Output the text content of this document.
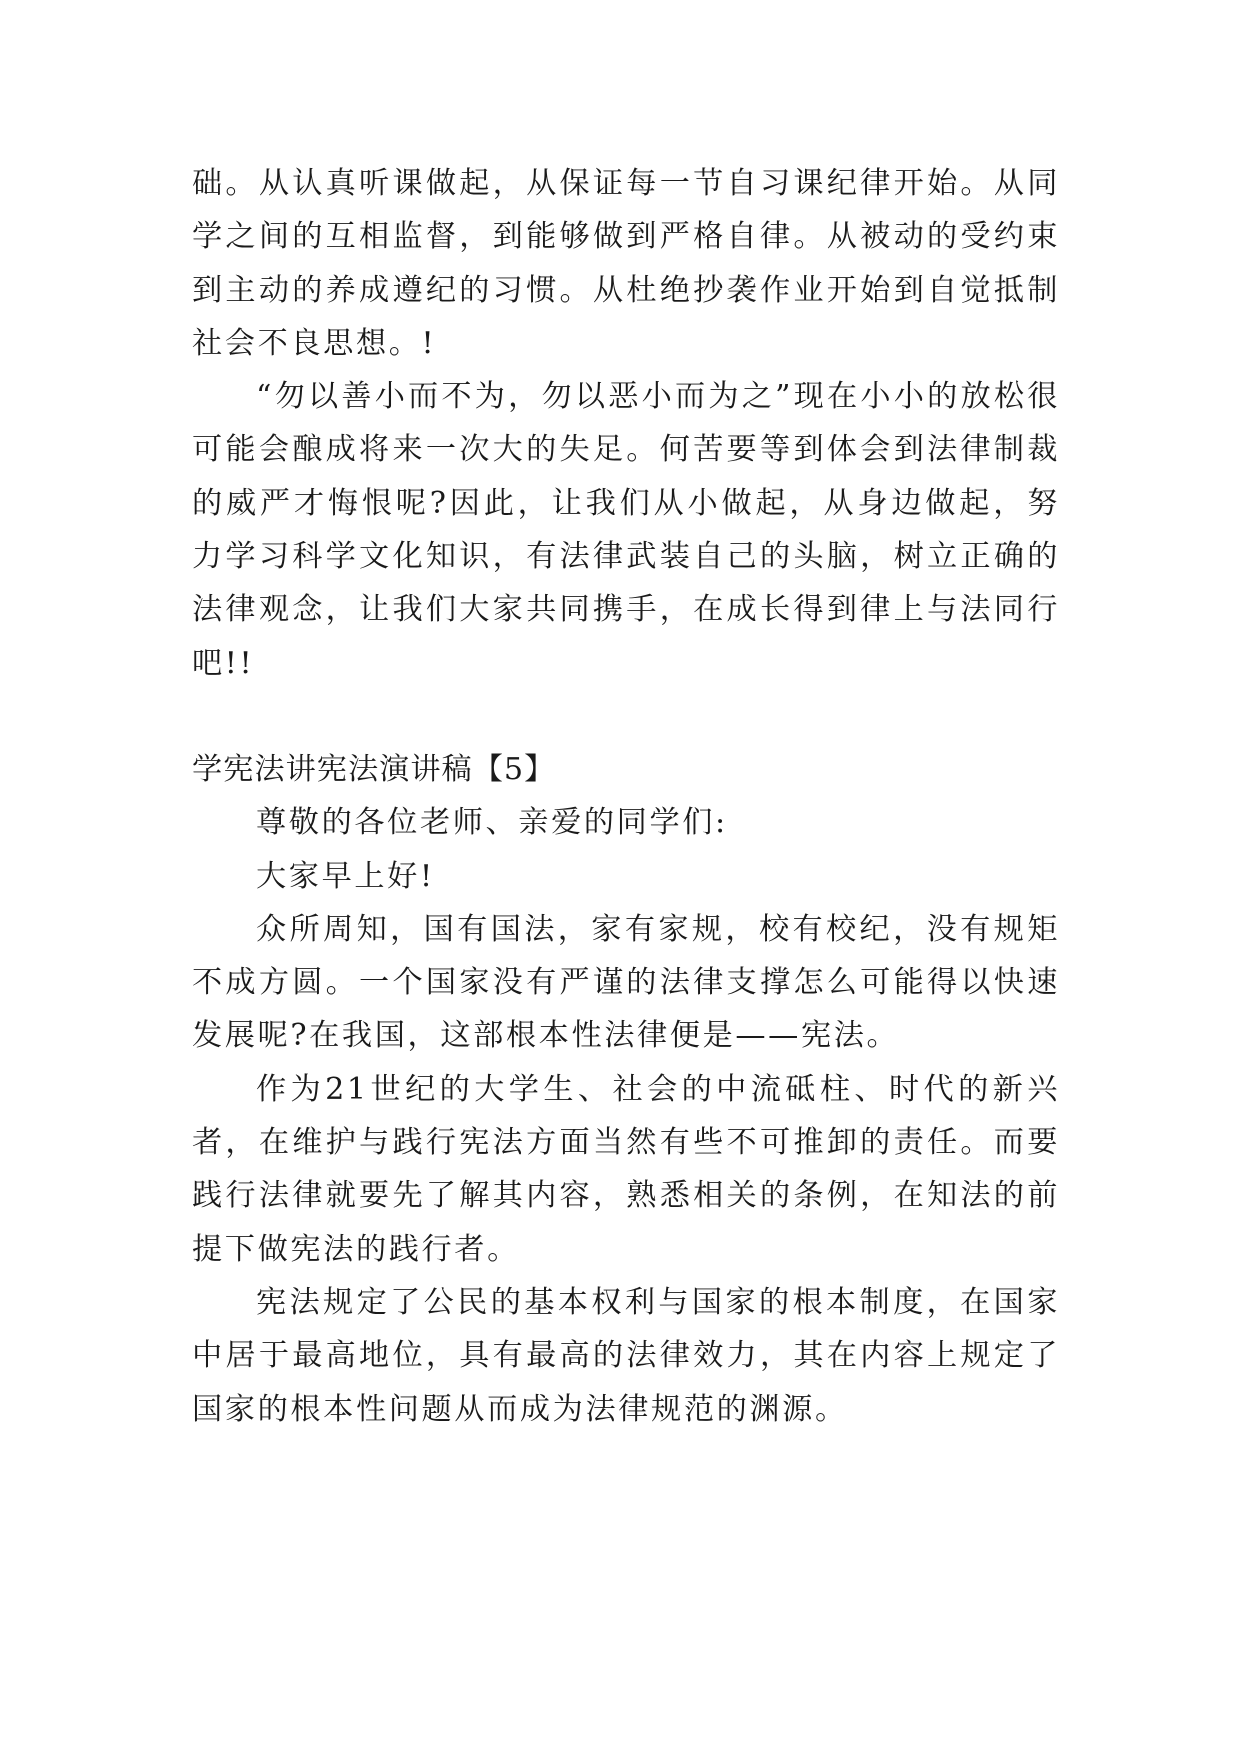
础。从认真听课做起，从保证每一节自习课纪律开始。从同学之间的互相监督，到能够做到严格自律。从被动的受约束到主动的养成遵纪的习惯。从杜绝抄袭作业开始到自觉抵制社会不良思想。!

“勿以善小而不为，勿以恶小而为之”现在小小的放松很可能会酿成将来一次大的失足。何苦要等到体会到法律制裁的威严才悔恨呢?因此，让我们从小做起，从身边做起，努力学习科学文化知识，有法律武装自己的头脑，树立正确的法律观念，让我们大家共同携手，在成长得到律上与法同行吧!!

学宪法讲宪法演讲稿【5】

尊敬的各位老师、亲爱的同学们:

大家早上好!

众所周知，国有国法，家有家规，校有校纪，没有规矩不成方圆。一个国家没有严谨的法律支撑怎么可能得以快速发展呢?在我国，这部根本性法律便是——宪法。

作为21世纪的大学生、社会的中流砥柱、时代的新兴者，在维护与践行宪法方面当然有些不可推卸的责任。而要践行法律就要先了解其内容，熟悉相关的条例，在知法的前提下做宪法的践行者。

宪法规定了公民的基本权利与国家的根本制度，在国家中居于最高地位，具有最高的法律效力，其在内容上规定了国家的根本性问题从而成为法律规范的渊源。
